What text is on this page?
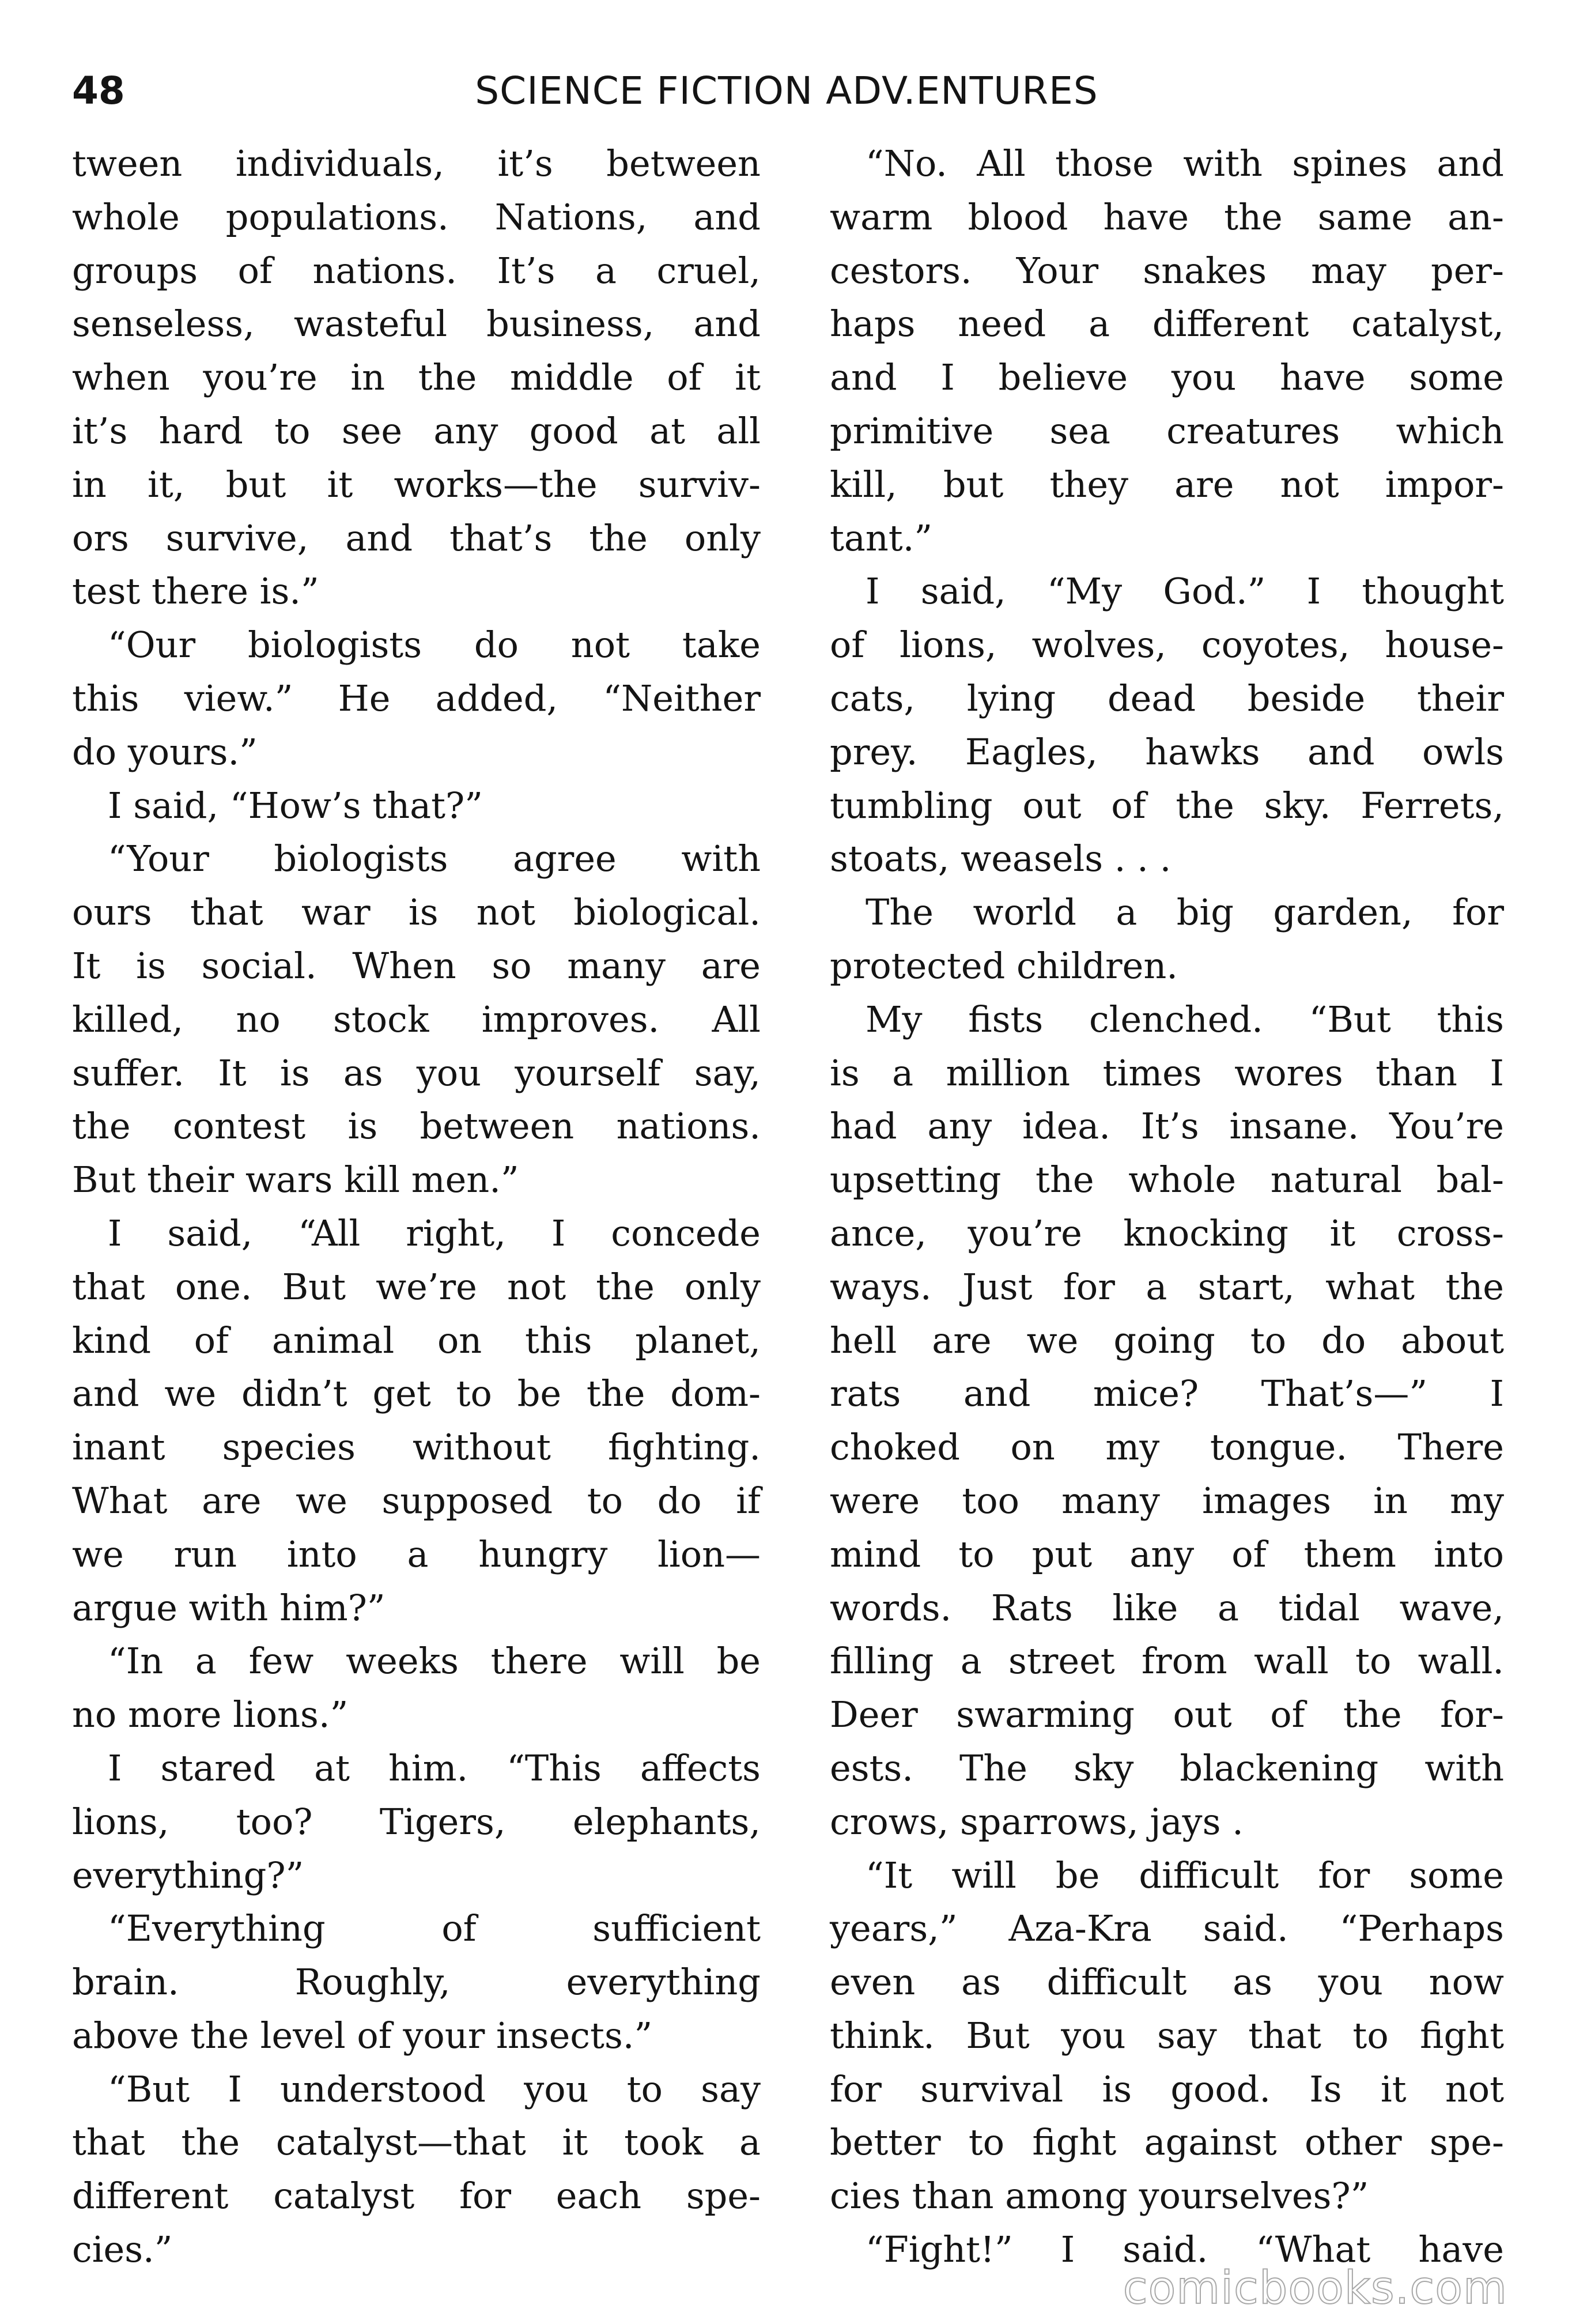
48	SCIENCE FICTION ADV.ENTURES
tween individuals, it’s between
whole populations. Nations, and
groups of nations. It’s a cruel,
senseless, wasteful business, and
when you’re in the middle of it
it’s hard to see any good at all
in it, but it works—the surviv-
ors survive, and that’s the only
test there is.”
“Our biologists do not take
this view.” He added, “Neither
do yours.”
I said, “How’s that?”
“Your biologists agree with
ours that war is not biological.
It is social. When so many are
killed, no stock improves. All
suffer. It is as you yourself say,
the contest is between nations.
But their wars kill men.”
I said, “All right, I concede
that one. But we’re not the only
kind of animal on this planet,
and we didn’t get to be the dom-
inant species without fighting.
What are we supposed to do if
we run into a hungry lion—
argue with him?”
“In a few weeks there will be
no more lions.”
I stared at him. “This affects
lions, too? Tigers, elephants,
everything?”
“Everything of sufficient
brain. Roughly, everything
above the level of your insects.”
“But I understood you to say
that the catalyst—that it took a
different catalyst for each spe-
cies.”
“No. All those with spines and
warm blood have the same an-
cestors. Your snakes may per-
haps need a different catalyst,
and I believe you have some
primitive sea creatures which
kill, but they are not impor-
tant.”
I said, “My God.” I thought
of lions, wolves, coyotes, house-
cats, lying dead beside their
prey. Eagles, hawks and owls
tumbling out of the sky. Ferrets,
stoats, weasels . . .
The world a big garden, for
protected children.
My fists clenched. “But this
is a million times wores than I
had any idea. It’s insane. You’re
upsetting the whole natural bal-
ance, you’re knocking it cross-
ways. Just for a start, what the
hell are we going to do about
rats and mice? That’s—” I
choked on my tongue. There
were too many images in my
mind to put any of them into
words. Rats like a tidal wave,
filling a street from wall to wall.
Deer swarming out of the for-
ests. The sky blackening with
crows, sparrows, jays .
“It will be difficult for some
years,” Aza-Kra said. “Perhaps
even as difficult as you now
think. But you say that to fight
for survival is good. Is it not
better to fight against other spe-
cies than among yourselves?”
“Fight!” I said. “What have
comicbooks.com
